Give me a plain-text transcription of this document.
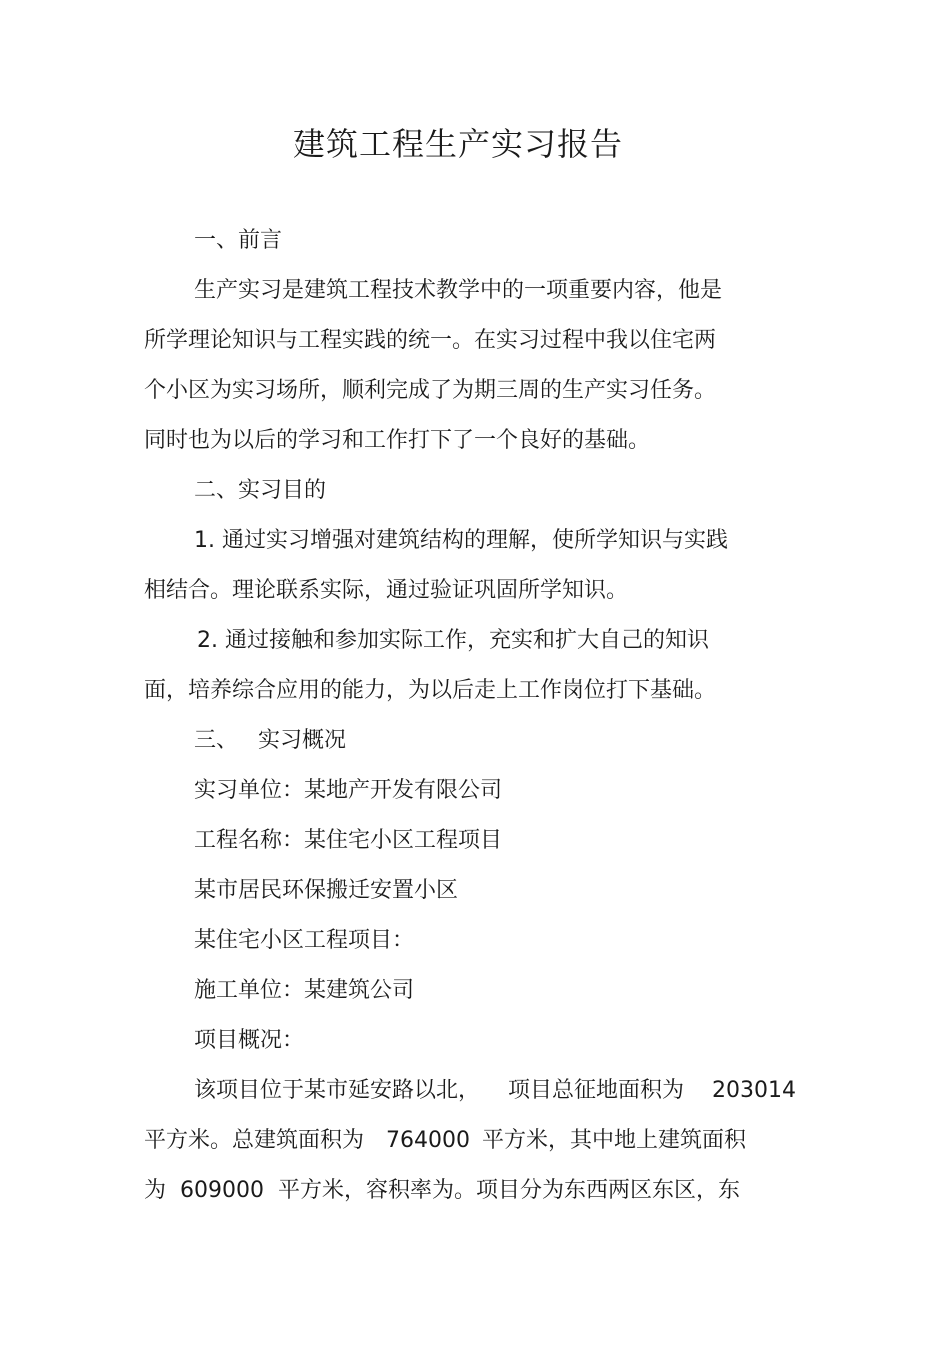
建筑工程生产实习报告
一、前言
生产实习是建筑工程技术教学中的一项重要内容，他是
所学理论知识与工程实践的统一。在实习过程中我以住宅两
个小区为实习场所，顺利完成了为期三周的生产实习任务。
同时也为以后的学习和工作打下了一个良好的基础。
二、实习目的
1. 通过实习增强对建筑结构的理解，使所学知识与实践
相结合。理论联系实际，通过验证巩固所学知识。
2. 通过接触和参加实际工作，充实和扩大自己的知识
面，培养综合应用的能力，为以后走上工作岗位打下基础。
三、 实习概况
实习单位：某地产开发有限公司
工程名称：某住宅小区工程项目
某市居民环保搬迁安置小区
某住宅小区工程项目：
施工单位：某建筑公司
项目概况：
该项目位于某市延安路以北， 项目总征地面积为 203014
平方米。总建筑面积为 764000 平方米，其中地上建筑面积
为 609000 平方米，容积率为。项目分为东西两区东区，东
